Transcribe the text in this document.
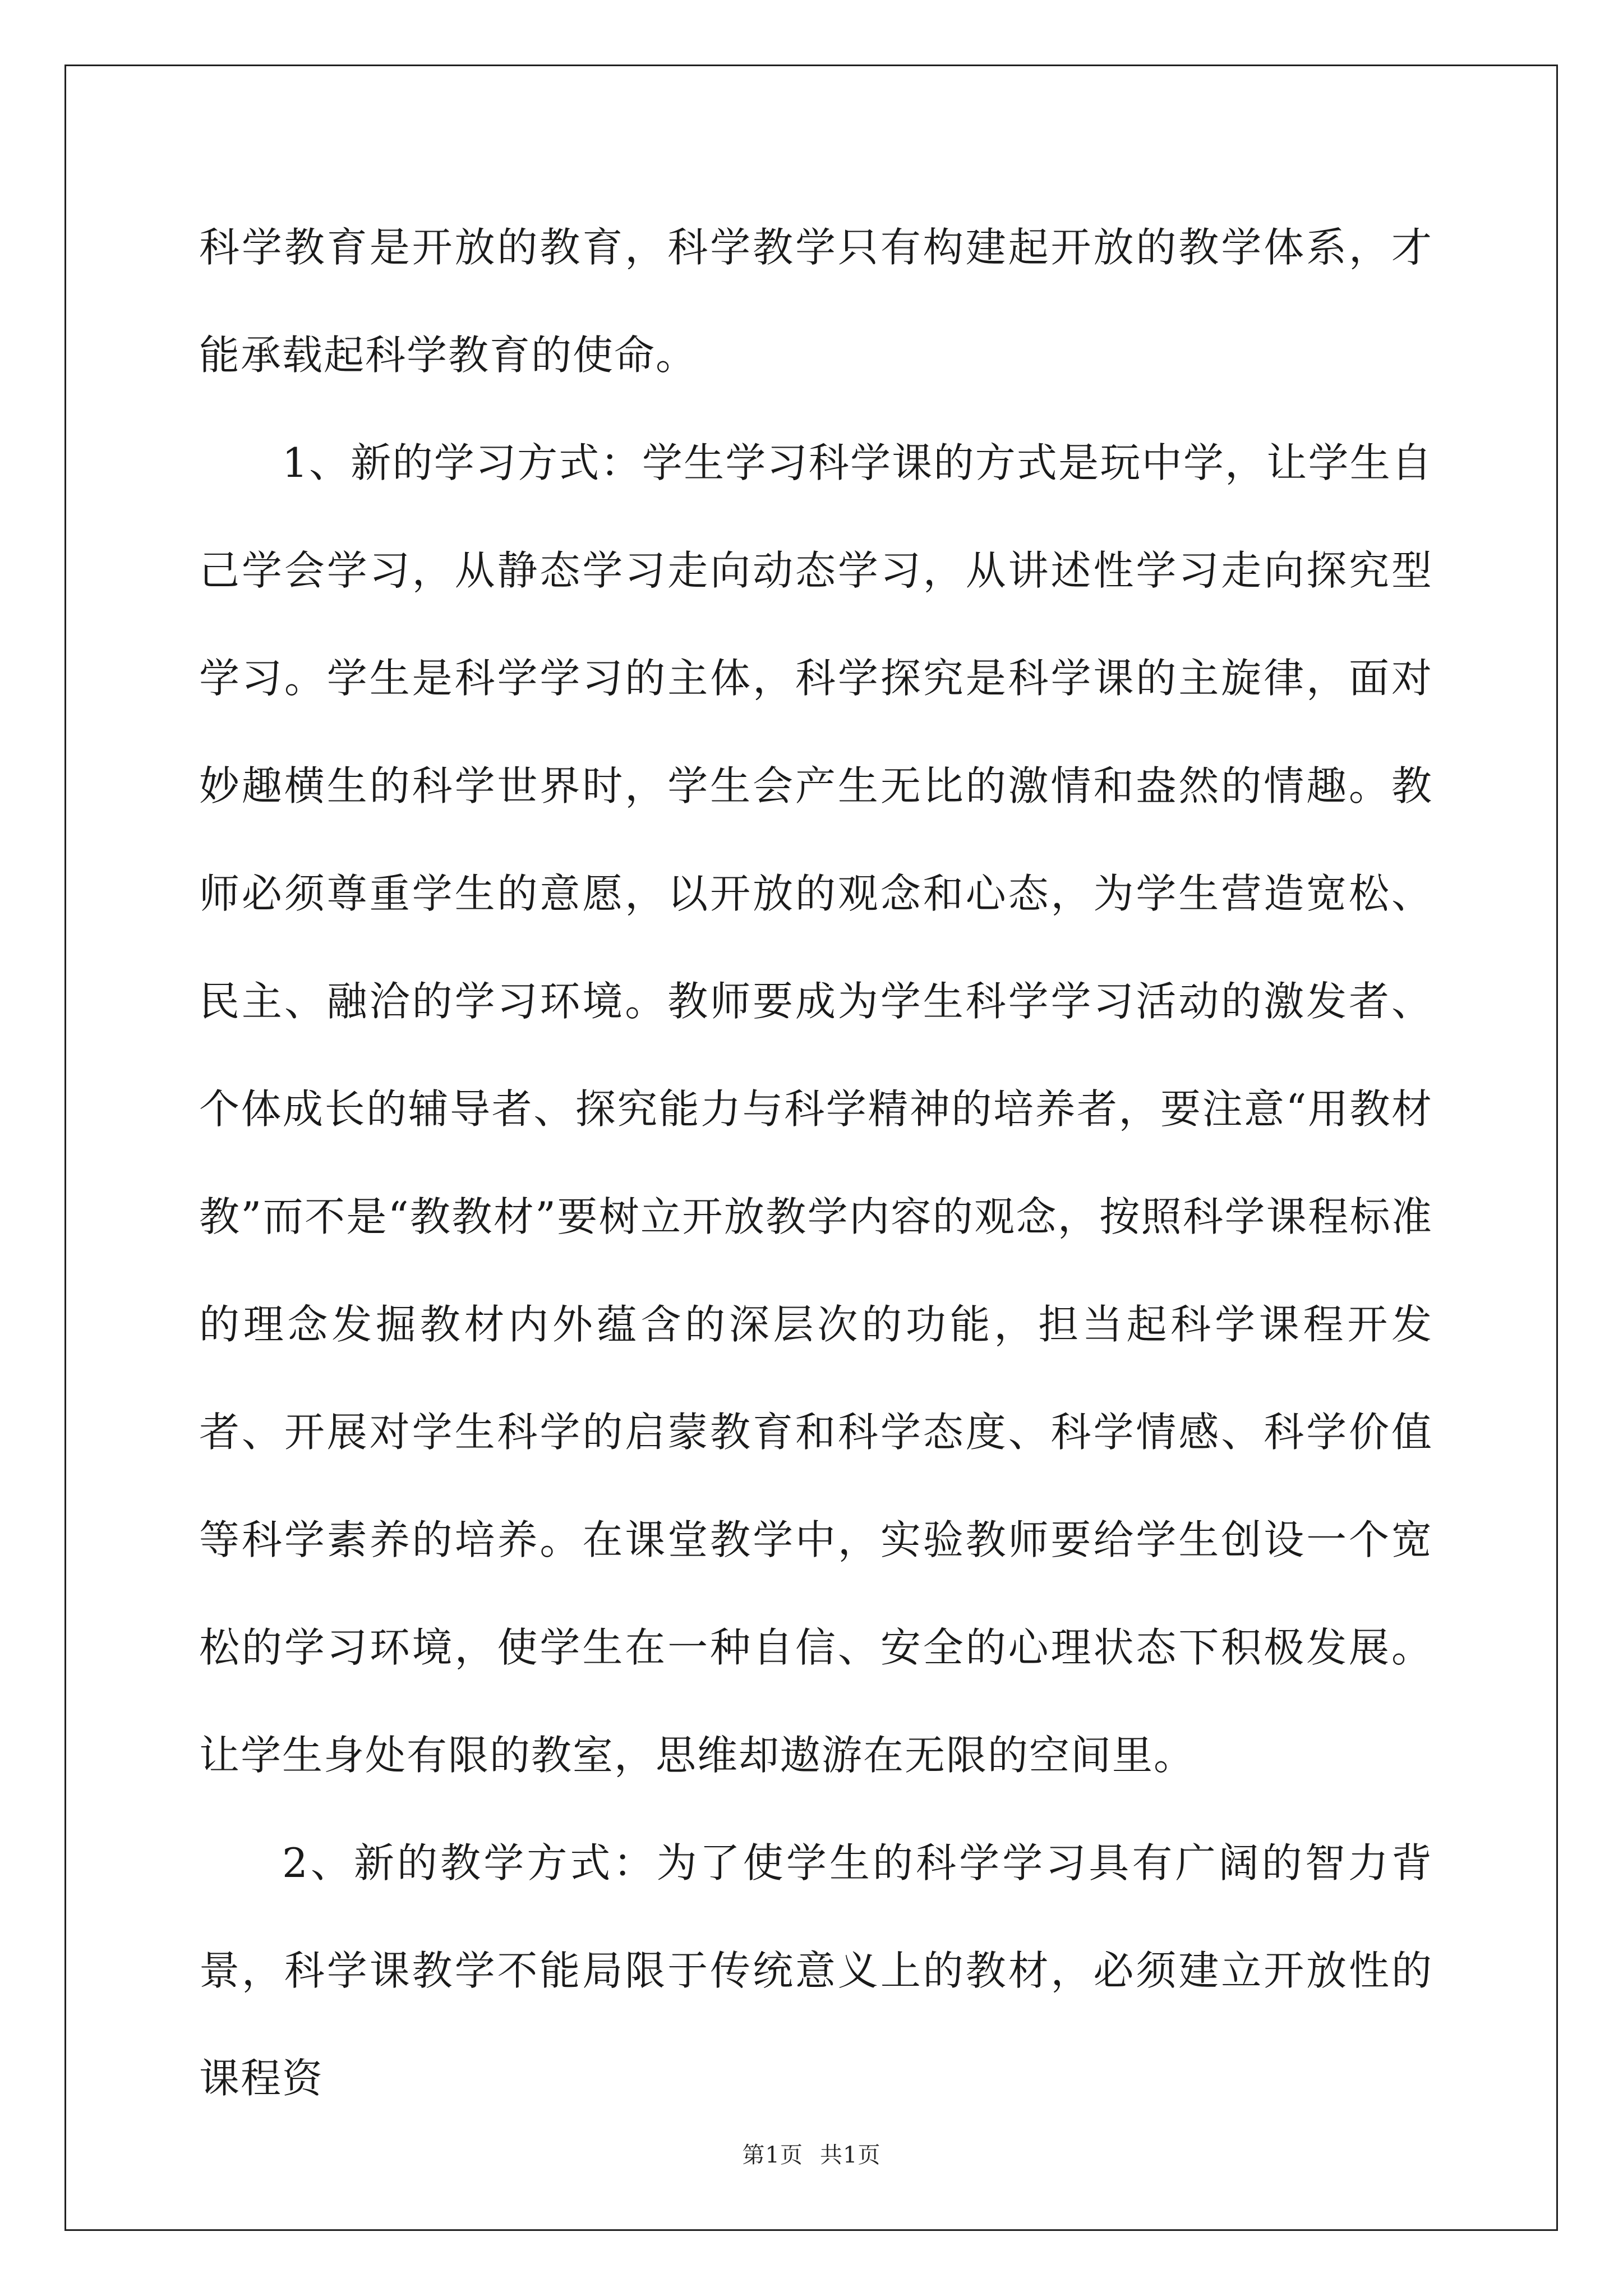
科学教育是开放的教育，科学教学只有构建起开放的教学体系，才能承载起科学教育的使命。

1、新的学习方式：学生学习科学课的方式是玩中学，让学生自己学会学习，从静态学习走向动态学习，从讲述性学习走向探究型学习。学生是科学学习的主体，科学探究是科学课的主旋律，面对妙趣横生的科学世界时，学生会产生无比的激情和盎然的情趣。教师必须尊重学生的意愿，以开放的观念和心态，为学生营造宽松、民主、融洽的学习环境。教师要成为学生科学学习活动的激发者、个体成长的辅导者、探究能力与科学精神的培养者，要注意“用教材教”而不是“教教材”要树立开放教学内容的观念，按照科学课程标准的理念发掘教材内外蕴含的深层次的功能，担当起科学课程开发者、开展对学生科学的启蒙教育和科学态度、科学情感、科学价值等科学素养的培养。在课堂教学中，实验教师要给学生创设一个宽松的学习环境，使学生在一种自信、安全的心理状态下积极发展。让学生身处有限的教室，思维却遨游在无限的空间里。

2、新的教学方式：为了使学生的科学学习具有广阔的智力背景，科学课教学不能局限于传统意义上的教材，必须建立开放性的课程资

第1页 共1页
